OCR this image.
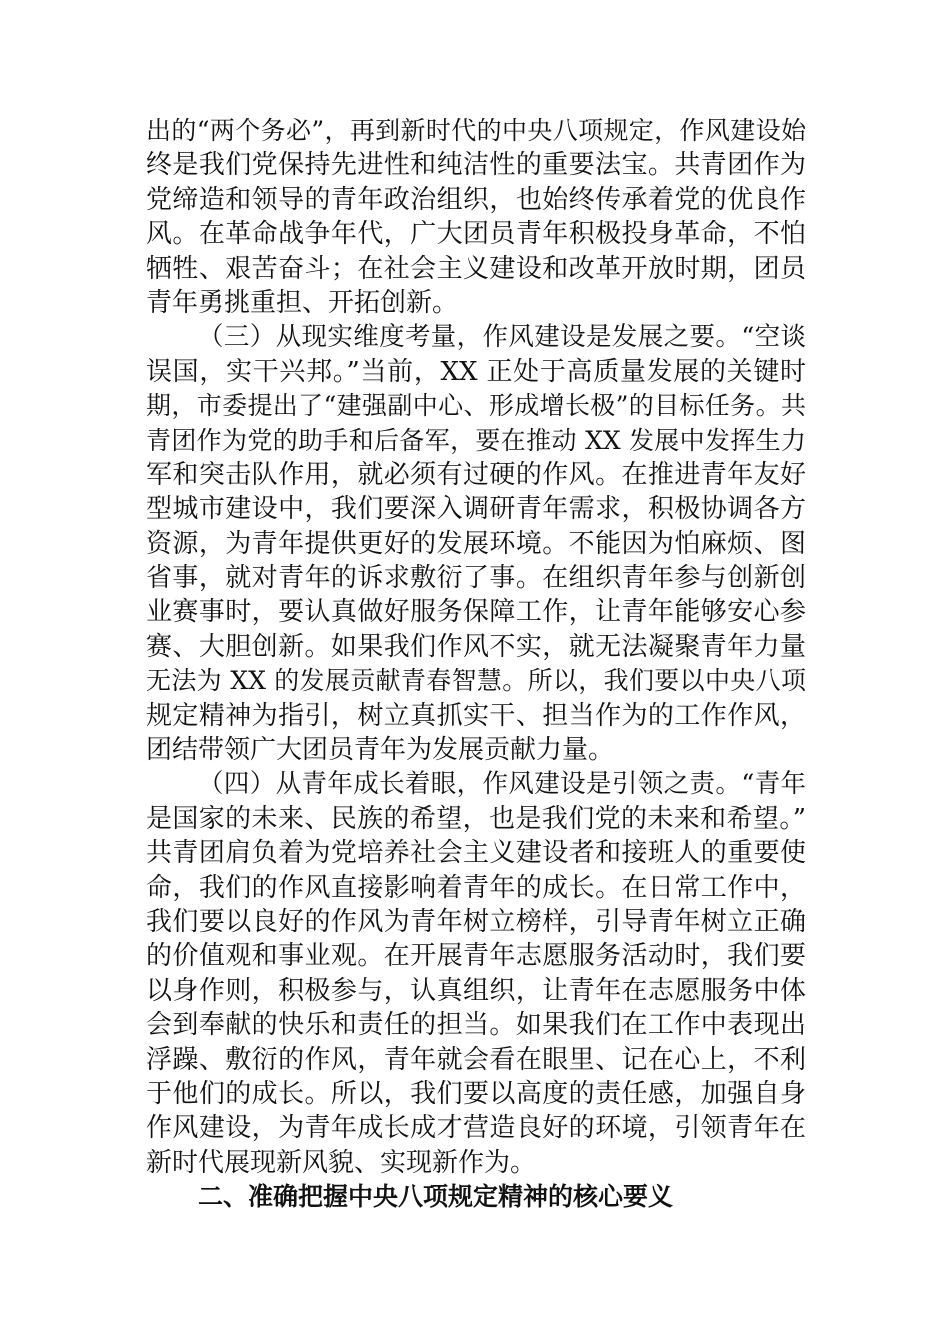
出的“两个务必”，再到新时代的中央八项规定，作风建设始
终是我们党保持先进性和纯洁性的重要法宝。共青团作为
党缔造和领导的青年政治组织，也始终传承着党的优良作
风。在革命战争年代，广大团员青年积极投身革命，不怕
牺牲、艰苦奋斗；在社会主义建设和改革开放时期，团员
青年勇挑重担、开拓创新。
（三）从现实维度考量，作风建设是发展之要。“空谈
误国，实干兴邦。”当前，XX 正处于高质量发展的关键时
期，市委提出了“建强副中心、形成增长极”的目标任务。共
青团作为党的助手和后备军，要在推动 XX 发展中发挥生力
军和突击队作用，就必须有过硬的作风。在推进青年友好
型城市建设中，我们要深入调研青年需求，积极协调各方
资源，为青年提供更好的发展环境。不能因为怕麻烦、图
省事，就对青年的诉求敷衍了事。在组织青年参与创新创
业赛事时，要认真做好服务保障工作，让青年能够安心参
赛、大胆创新。如果我们作风不实，就无法凝聚青年力量
无法为 XX 的发展贡献青春智慧。所以，我们要以中央八项
规定精神为指引，树立真抓实干、担当作为的工作作风，
团结带领广大团员青年为发展贡献力量。
（四）从青年成长着眼，作风建设是引领之责。“青年
是国家的未来、民族的希望，也是我们党的未来和希望。”
共青团肩负着为党培养社会主义建设者和接班人的重要使
命，我们的作风直接影响着青年的成长。在日常工作中，
我们要以良好的作风为青年树立榜样，引导青年树立正确
的价值观和事业观。在开展青年志愿服务活动时，我们要
以身作则，积极参与，认真组织，让青年在志愿服务中体
会到奉献的快乐和责任的担当。如果我们在工作中表现出
浮躁、敷衍的作风，青年就会看在眼里、记在心上，不利
于他们的成长。所以，我们要以高度的责任感，加强自身
作风建设，为青年成长成才营造良好的环境，引领青年在
新时代展现新风貌、实现新作为。
二、准确把握中央八项规定精神的核心要义
